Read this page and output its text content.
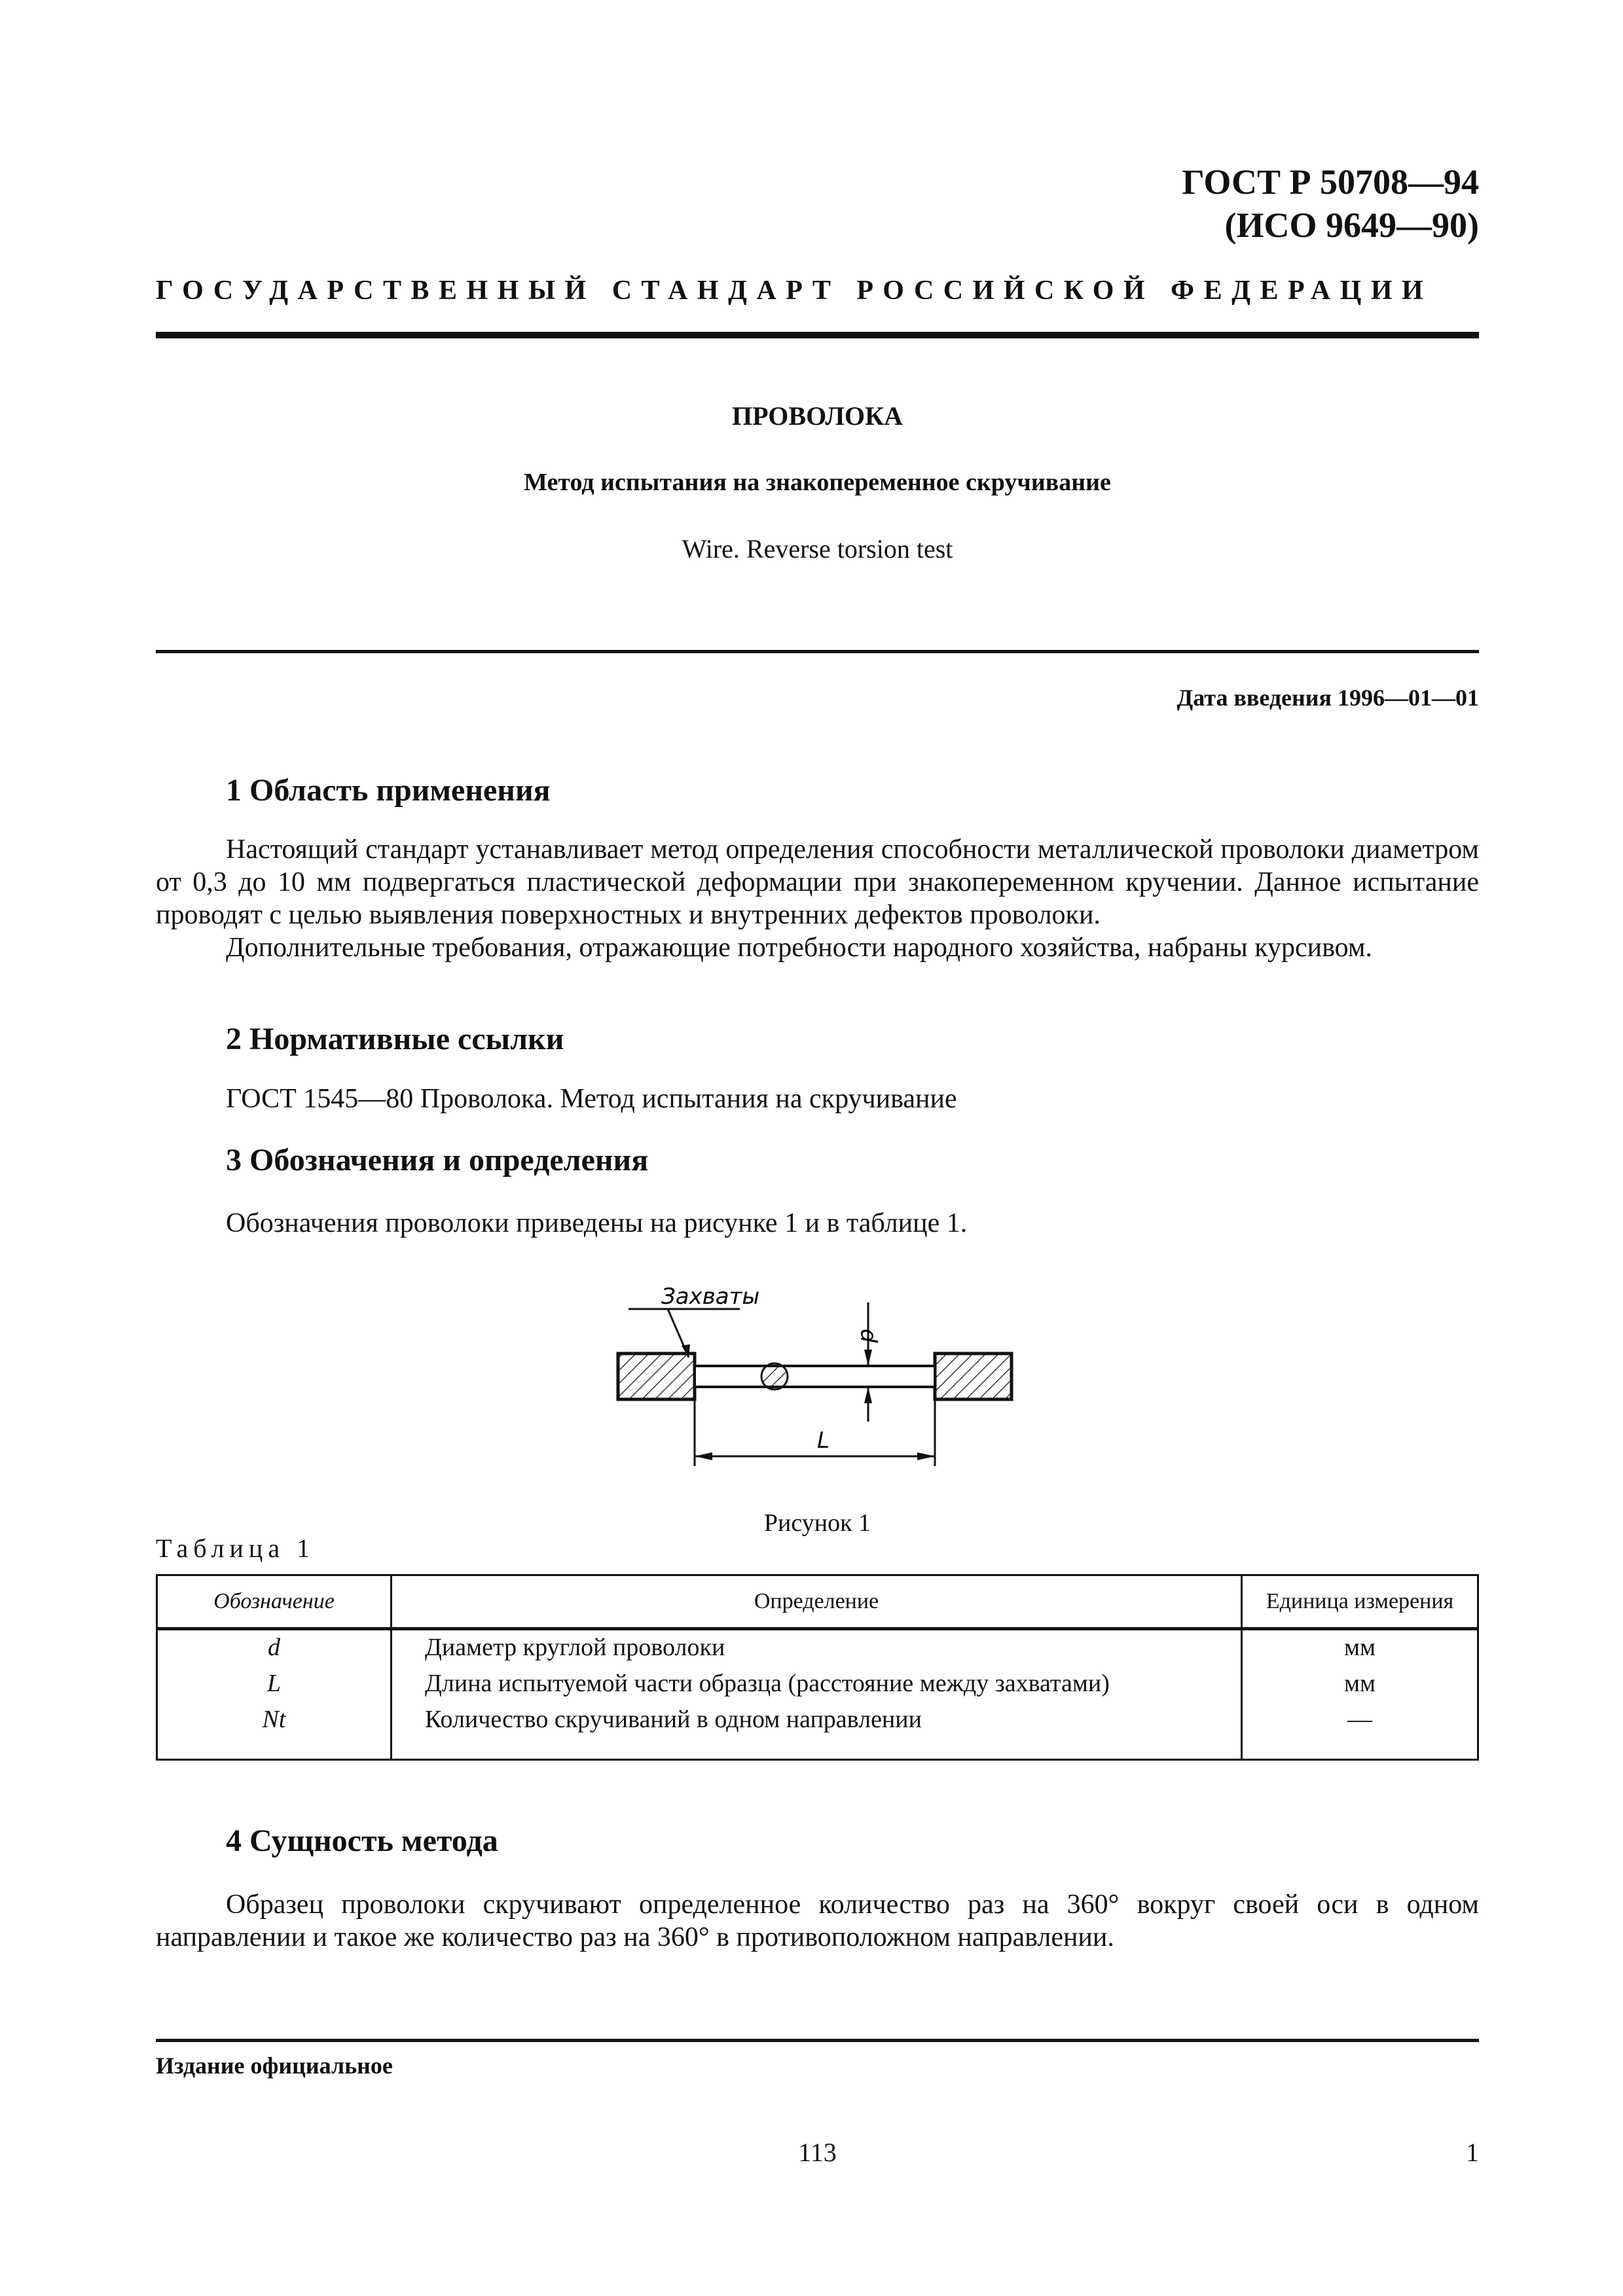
ГОСТ Р 50708—94
(ИСО 9649—90)
ГОСУДАРСТВЕННЫЙ СТАНДАРТ РОССИЙСКОЙ ФЕДЕРАЦИИ
ПРОВОЛОКА
Метод испытания на знакопеременное скручивание
Wire. Reverse torsion test
Дата введения 1996—01—01
1 Область применения

Настоящий стандарт устанавливает метод определения способности металлической проволоки диаметром от 0,3 до 10 мм подвергаться пластической деформации при знакопеременном кручении. Данное испытание проводят с целью выявления поверхностных и внутренних дефектов проволоки.

Дополнительные требования, отражающие потребности народного хозяйства, набраны курсивом.

2 Нормативные ссылки
ГОСТ 1545—80 Проволока. Метод испытания на скручивание
3 Обозначения и определения
Обозначения проволоки приведены на рисунке 1 и в таблице 1.
Захваты
d
L
Рисунок 1
Таблица 1
Обозначение	Определение	Единица измерения
d	Диаметр круглой проволоки	мм
L	Длина испытуемой части образца (расстояние между захватами)	мм
Nt	Количество скручиваний в одном направлении	—
4 Сущность метода

Образец проволоки скручивают определенное количество раз на 360° вокруг своей оси в одном направлении и такое же количество раз на 360° в противоположном направлении.

Издание официальное
113	1
